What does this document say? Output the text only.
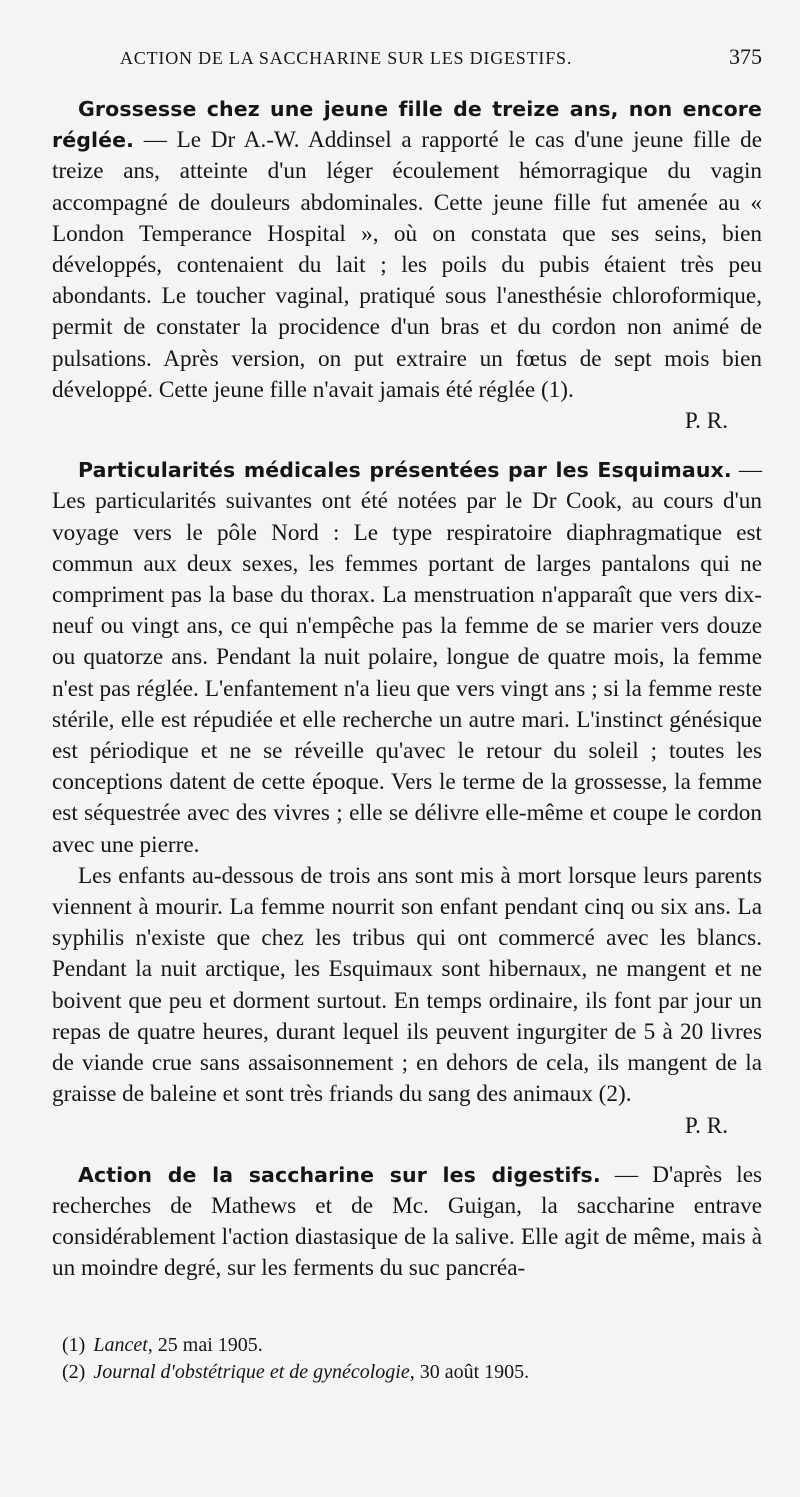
ACTION DE LA SACCHARINE SUR LES DIGESTIFS.	375

Grossesse chez une jeune fille de treize ans, non encore réglée. — Le Dr A.-W. Addinsel a rapporté le cas d'une jeune fille de treize ans, atteinte d'un léger écoulement hémorragique du vagin accompagné de douleurs abdominales. Cette jeune fille fut amenée au « London Temperance Hospital », où on constata que ses seins, bien développés, contenaient du lait ; les poils du pubis étaient très peu abondants. Le toucher vaginal, pratiqué sous l'anesthésie chloroformique, permit de constater la procidence d'un bras et du cordon non animé de pulsations. Après version, on put extraire un fœtus de sept mois bien développé. Cette jeune fille n'avait jamais été réglée (1).

P. R.

Particularités médicales présentées par les Esquimaux. — Les particularités suivantes ont été notées par le Dr Cook, au cours d'un voyage vers le pôle Nord : Le type respiratoire diaphragmatique est commun aux deux sexes, les femmes portant de larges pantalons qui ne compriment pas la base du thorax. La menstruation n'apparaît que vers dix-neuf ou vingt ans, ce qui n'empêche pas la femme de se marier vers douze ou quatorze ans. Pendant la nuit polaire, longue de quatre mois, la femme n'est pas réglée. L'enfantement n'a lieu que vers vingt ans ; si la femme reste stérile, elle est répudiée et elle recherche un autre mari. L'instinct génésique est périodique et ne se réveille qu'avec le retour du soleil ; toutes les conceptions datent de cette époque. Vers le terme de la grossesse, la femme est séquestrée avec des vivres ; elle se délivre elle-même et coupe le cordon avec une pierre.

Les enfants au-dessous de trois ans sont mis à mort lorsque leurs parents viennent à mourir. La femme nourrit son enfant pendant cinq ou six ans. La syphilis n'existe que chez les tribus qui ont commercé avec les blancs. Pendant la nuit arctique, les Esquimaux sont hibernaux, ne mangent et ne boivent que peu et dorment surtout. En temps ordinaire, ils font par jour un repas de quatre heures, durant lequel ils peuvent ingurgiter de 5 à 20 livres de viande crue sans assaisonnement ; en dehors de cela, ils mangent de la graisse de baleine et sont très friands du sang des animaux (2).

P. R.

Action de la saccharine sur les digestifs. — D'après les recherches de Mathews et de Mc. Guigan, la saccharine entrave considérablement l'action diastasique de la salive. Elle agit de même, mais à un moindre degré, sur les ferments du suc pancréa-

(1) Lancet, 25 mai 1905.
(2) Journal d'obstétrique et de gynécologie, 30 août 1905.
